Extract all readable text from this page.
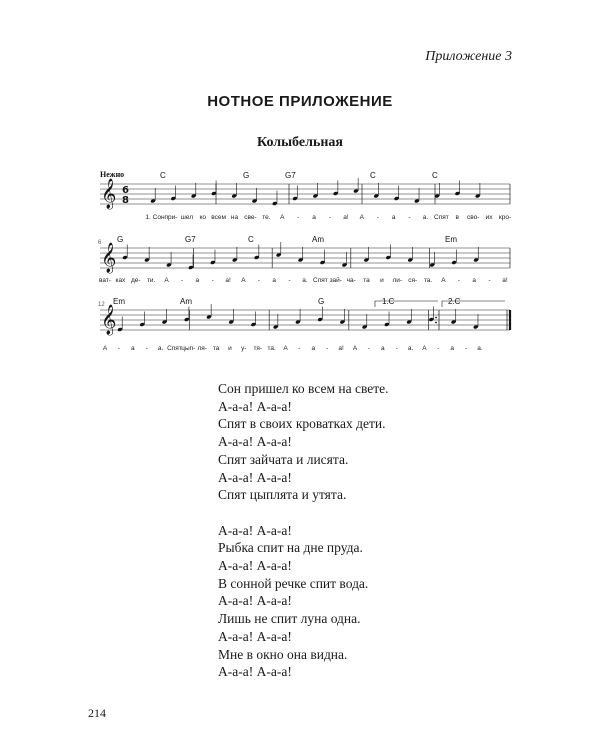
Приложение 3
НОТНОЕ ПРИЛОЖЕНИЕ
Колыбельная
Нежно
𝄞 6
8
𝄞
6
𝄞
12
C	G	G7	C	C
G	G7	C	Am	Em
Em	Am	G	1.C	2.C
1. Сон при- шел ко всем на све- те. А - а - а! А - а - а. Спят в сво- их кро-
ват- ках де- ти. А - а - а! А - а - а. Спят зай- ча- та и ли- ся- та. А - а - а!
А - а - а. Спят цып- ля- та и у- тя- та. А - а - а! А - а - а. А - а - а.
Сон пришел ко всем на свете.
А-а-а! А-а-а!
Спят в своих кроватках дети.
А-а-а! А-а-а!
Спят зайчата и лисята.
А-а-а! А-а-а!
Спят цыплята и утята.
А-а-а! А-а-а!
Рыбка спит на дне пруда.
А-а-а! А-а-а!
В сонной речке спит вода.
А-а-а! А-а-а!
Лишь не спит луна одна.
А-а-а! А-а-а!
Мне в окно она видна.
А-а-а! А-а-а!
214
